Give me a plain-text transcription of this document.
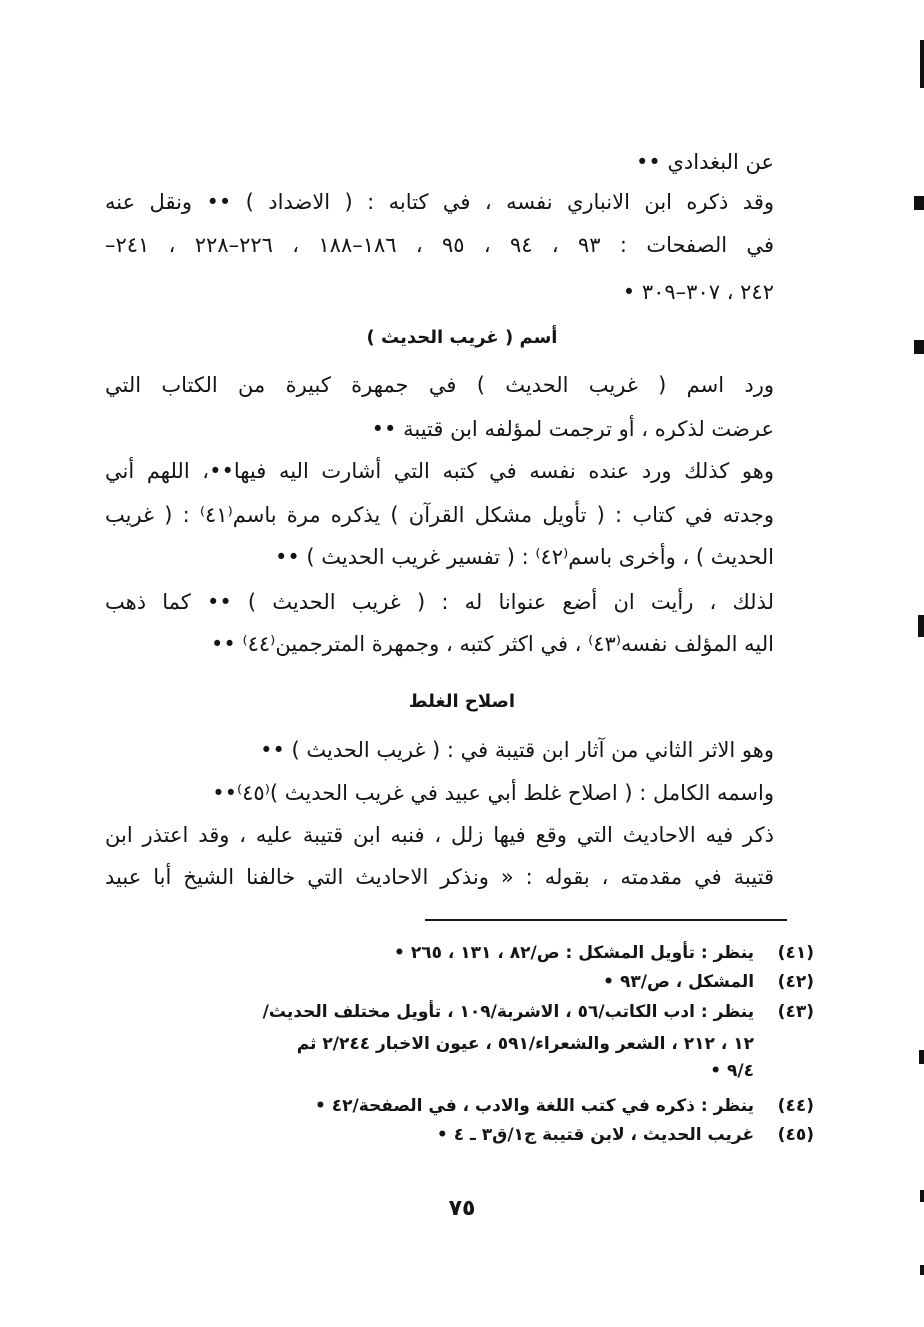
عن البغدادي ••
وقد ذكره ابن الانباري نفسه ، في كتابه : ( الاضداد ) •• ونقل عنه
في الصفحات : ٩٣ ، ٩٤ ، ٩٥ ، ١٨٦–١٨٨ ، ٢٢٦–٢٢٨ ، ٢٤١–
٢٤٢ ، ٣٠٧–٣٠٩ •
أسم ( غريب الحديث )
ورد اسم ( غريب الحديث ) في جمهرة كبيرة من الكتاب التي
عرضت لذكره ، أو ترجمت لمؤلفه ابن قتيبة ••
وهو كذلك ورد عنده نفسه في كتبه التي أشارت اليه فيها••، اللهم أني
وجدته في كتاب : ( تأويل مشكل القرآن ) يذكره مرة باسم⁽٤١⁾ : ( غريب
الحديث ) ، وأخرى باسم⁽٤٢⁾ : ( تفسير غريب الحديث ) ••
لذلك ، رأيت ان أضع عنوانا له : ( غريب الحديث ) •• كما ذهب
اليه المؤلف نفسه⁽٤٣⁾ ، في اكثر كتبه ، وجمهرة المترجمين⁽٤٤⁾ ••
اصلاح الغلط
وهو الاثر الثاني من آثار ابن قتيبة في : ( غريب الحديث ) ••
واسمه الكامل : ( اصلاح غلط أبي عبيد في غريب الحديث )⁽٤٥⁾••
ذكر فيه الاحاديث التي وقع فيها زلل ، فنبه ابن قتيبة عليه ، وقد اعتذر ابن
قتيبة في مقدمته ، بقوله : « ونذكر الاحاديث التي خالفنا الشيخ أبا عبيد
(٤١) ينظر : تأويل المشكل : ص/٨٢ ، ١٣١ ، ٢٦٥ •
(٤٢) المشكل ، ص/٩٣ •
(٤٣) ينظر : ادب الكاتب/٥٦ ، الاشربة/١٠٩ ، تأويل مختلف الحديث/
١٢ ، ٢١٢ ، الشعر والشعراء/٥٩١ ، عيون الاخبار ٢/٢٤٤ ثم
٩/٤ •
(٤٤) ينظر : ذكره في كتب اللغة والادب ، في الصفحة/٤٢ •
(٤٥) غريب الحديث ، لابن قتيبة ج١/ق٣ ـ ٤ •
٧٥
